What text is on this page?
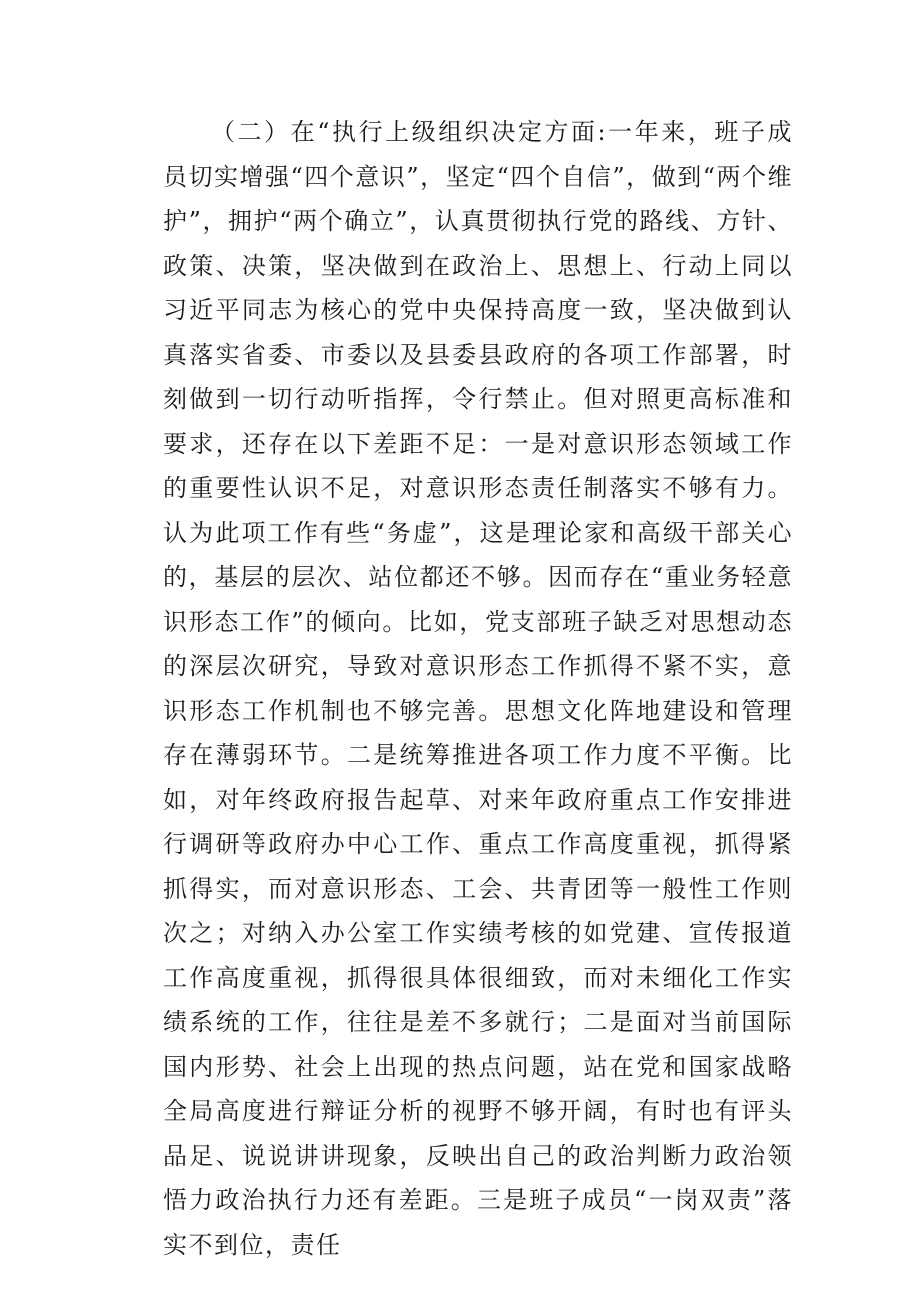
（二）在“执行上级组织决定方面:一年来，班子成员切实增强“四个意识”，坚定“四个自信”，做到“两个维护”，拥护“两个确立”，认真贯彻执行党的路线、方针、政策、决策，坚决做到在政治上、思想上、行动上同以习近平同志为核心的党中央保持高度一致，坚决做到认真落实省委、市委以及县委县政府的各项工作部署，时刻做到一切行动听指挥，令行禁止。但对照更高标准和要求，还存在以下差距不足：一是对意识形态领域工作的重要性认识不足，对意识形态责任制落实不够有力。认为此项工作有些“务虚”，这是理论家和高级干部关心的，基层的层次、站位都还不够。因而存在“重业务轻意识形态工作”的倾向。比如，党支部班子缺乏对思想动态的深层次研究，导致对意识形态工作抓得不紧不实，意识形态工作机制也不够完善。思想文化阵地建设和管理存在薄弱环节。二是统筹推进各项工作力度不平衡。比如，对年终政府报告起草、对来年政府重点工作安排进行调研等政府办中心工作、重点工作高度重视，抓得紧抓得实，而对意识形态、工会、共青团等一般性工作则次之；对纳入办公室工作实绩考核的如党建、宣传报道工作高度重视，抓得很具体很细致，而对未细化工作实绩系统的工作，往往是差不多就行；二是面对当前国际国内形势、社会上出现的热点问题，站在党和国家战略全局高度进行辩证分析的视野不够开阔，有时也有评头品足、说说讲讲现象，反映出自己的政治判断力政治领悟力政治执行力还有差距。三是班子成员“一岗双责”落实不到位，责任
